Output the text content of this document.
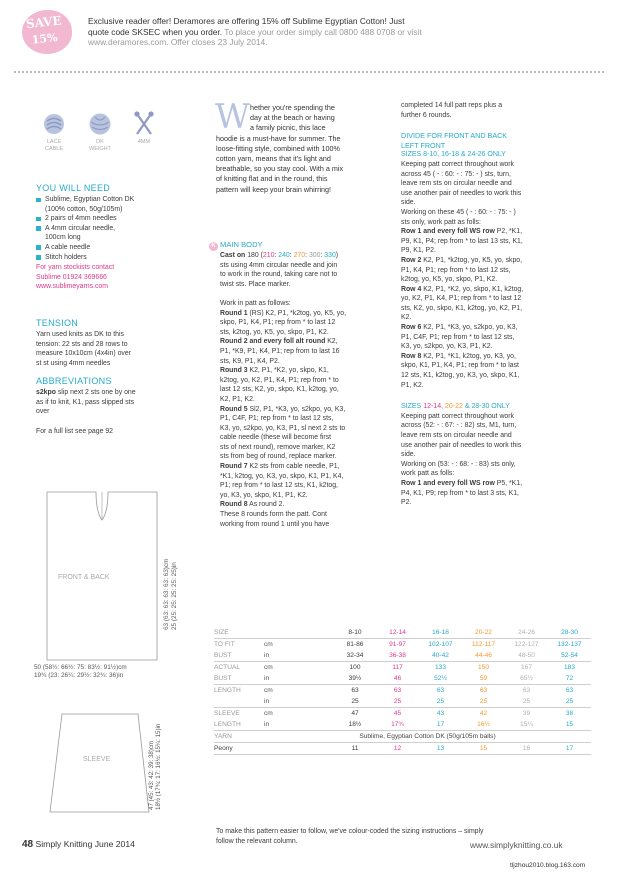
SAVE
15%
Exclusive reader offer! Deramores are offering 15% off Sublime Egyptian Cotton! Just
quote code SKSEC when you order. To place your order simply call 0800 488 0708 or visit
www.deramores.com. Offer closes 23 July 2014.
LACE
CABLE
DK
WEIGHT
4MM
YOU WILL NEED
Sublime, Egyptian Cotton DK
(100% cotton, 50g/105m)
2 pairs of 4mm needles
A 4mm circular needle,
100cm long
A cable needle
Stitch holders
For yarn stockists contact
Sublime 01924 369666
www.sublimeyarns.com
TENSION
Yarn used knits as DK to this
tension: 22 sts and 28 rows to
measure 10x10cm (4x4in) over
st st using 4mm needles
ABBREVIATIONS
s2kpo slip next 2 sts one by one
as if to knit, K1, pass slipped sts
over
For a full list see page 92
FRONT & BACK	63 (63: 63: 63: 63: 63)cm 25 (25: 25: 25: 25: 25)in
50 (58½: 66½: 75: 83½: 91½)cm
19¾ (23: 26¼: 29½: 32¾: 36)in
SLEEVE	47 (45: 43: 42: 39: 38)cm 18½ (17¾: 17: 16½: 15¼: 15)in
W hether you're spending the
day at the beach or having
a family picnic, this lace
hoodie is a must-have for summer. The
loose-fitting style, combined with 100%
cotton yarn, means that it's light and
breathable, so you stay cool. With a mix
of knitting flat and in the round, this
pattern will keep your brain whirring!
K MAIN BODY
Cast on 180 (210: 240: 270: 300: 330)
sts using 4mm circular needle and join
to work in the round, taking care not to
twist sts. Place marker.

Work in patt as follows:
Round 1 (RS) K2, P1, *k2tog, yo, K5, yo,
skpo, P1, K4, P1; rep from * to last 12
sts, k2tog, yo, K5, yo, skpo, P1, K2.
Round 2 and every foll alt round K2,
P1, *K9, P1, K4, P1; rep from to last 16
sts, K9, P1, K4, P2.
Round 3 K2, P1, *K2, yo, skpo, K1,
k2tog, yo, K2, P1, K4, P1; rep from * to
last 12 sts, K2, yo, skpo, K1, k2tog, yo,
K2, P1, K2.
Round 5 Sl2, P1, *K3, yo, s2kpo, yo, K3,
P1, C4F, P1; rep from * to last 12 sts,
K3, yo, s2kpo, yo, K3, P1, sl next 2 sts to
cable needle (these will become first
sts of next round), remove marker, K2
sts from beg of round, replace marker.
Round 7 K2 sts from cable needle, P1,
*K1, k2tog, yo, K3, yo, skpo, K1, P1, K4,
P1; rep from * to last 12 sts, K1, k2tog,
yo, K3, yo, skpo, K1, P1, K2.
Round 8 As round 2.
These 8 rounds form the patt. Cont
working from round 1 until you have
completed 14 full patt reps plus a
further 6 rounds.
DIVIDE FOR FRONT AND BACK
LEFT FRONT
SIZES 8-10, 16-18 & 24-26 ONLY
Keeping patt correct throughout work
across 45 ( - : 60: - : 75: - ) sts, turn,
leave rem sts on circular needle and
use another pair of needles to work this
side.
Working on these 45 ( - : 60: - : 75: - )
sts only, work patt as folls:
Row 1 and every foll WS row P2, *K1,
P9, K1, P4; rep from * to last 13 sts, K1,
P9, K1, P2.
Row 2 K2, P1, *k2tog, yo, K5, yo, skpo,
P1, K4, P1; rep from * to last 12 sts,
k2tog, yo, K5, yo, skpo, P1, K2.
Row 4 K2, P1, *K2, yo, skpo, K1, k2tog,
yo, K2, P1, K4, P1; rep from * to last 12
sts, K2, yo, skpo, K1, k2tog, yo, K2, P1,
K2.
Row 6 K2, P1, *K3, yo, s2kpo, yo, K3,
P1, C4F, P1; rep from * to last 12 sts,
K3, yo, s2kpo, yo, K3, P1, K2.
Row 8 K2, P1, *K1, k2tog, yo, K3, yo,
skpo, K1, P1, K4, P1; rep from * to last
12 sts, K1, k2tog, yo, K3, yo, skpo, K1,
P1, K2.
SIZES 12-14, 20-22 & 28-30 ONLY
Keeping patt correct throughout work
across (52: - : 67: - : 82) sts, M1, turn,
leave rem sts on circular needle and
use another pair of needles to work this
side.
Working on (53: - : 68: - : 83) sts only,
work patt as folls:
Row 1 and every foll WS row P5, *K1,
P4, K1, P9; rep from * to last 3 sts, K1,
P2.
SIZE		8-10	12-14	16-18	20-22	24-26	28-30
TO FIT	cm	81-86	91-97	102-107	112-117	122-127	132-137
BUST	in	32-34	36-38	40-42	44-46	48-50	52-54
ACTUAL	cm	100	117	133	150	167	183
BUST	in	39½	46	52½	59	65½	72
LENGTH	cm	63	63	63	63	63	63
	in	25	25	25	25	25	25
SLEEVE	cm	47	45	43	42	39	38
LENGTH	in	18½	17¾	17	16½	15¼	15
YARN	Sublime, Egyptian Cotton DK (50g/105m balls)						
Peony		11	12	13	15	16	17
To make this pattern easier to follow, we've colour-coded the sizing instructions – simply
follow the relevant column.
48 Simply Knitting June 2014	www.simplyknitting.co.uk
tljzhou2010.blog.163.com
